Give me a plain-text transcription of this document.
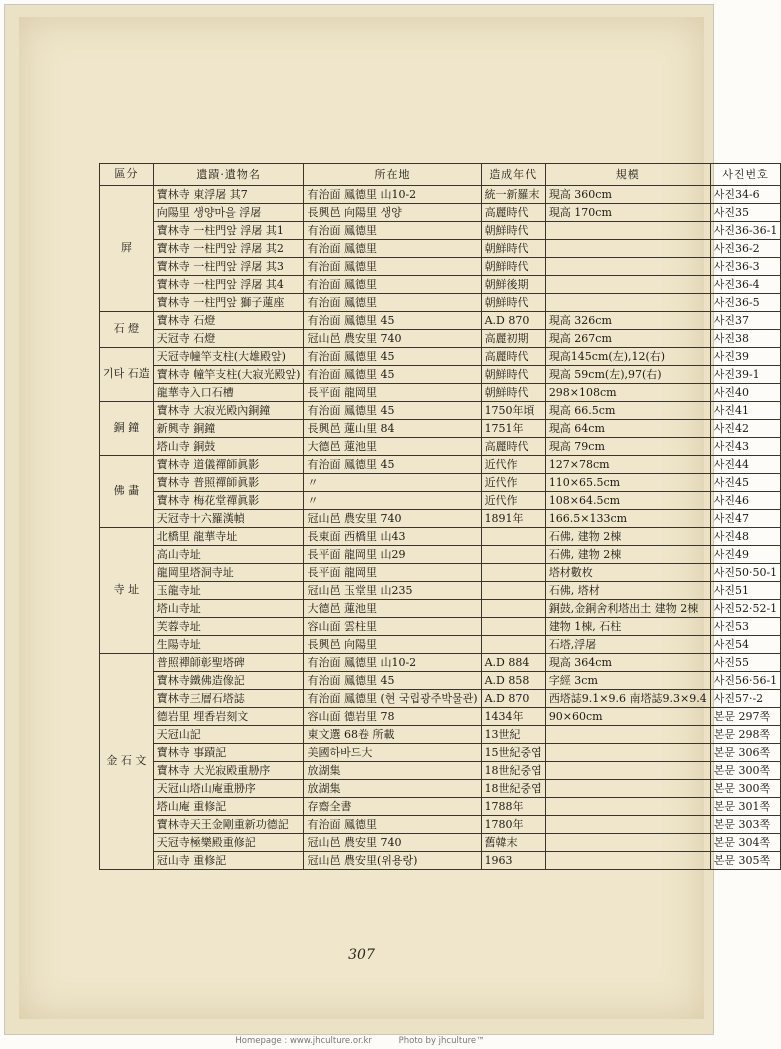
區分	遺蹟·遺物名	所在地	造成年代	規模	사진번호
屛	寶林寺 東浮屠 其7	有治面 鳳德里 山10-2	統一新羅末	現高 360cm	사진34-6
	向陽里 생양마을 浮屠	長興邑 向陽里 생양	高麗時代	現高 170cm	사진35
	寶林寺 一柱門앞 浮屠 其1	有治面 鳳德里	朝鮮時代		사진36-36-1
	寶林寺 一柱門앞 浮屠 其2	有治面 鳳德里	朝鮮時代		사진36-2
	寶林寺 一柱門앞 浮屠 其3	有治面 鳳德里	朝鮮時代		사진36-3
	寶林寺 一柱門앞 浮屠 其4	有治面 鳳德里	朝鮮後期		사진36-4
	寶林寺 一柱門앞 獅子蓮座	有治面 鳳德里	朝鮮時代		사진36-5
石 燈	寶林寺 石燈	有治面 鳳德里 45	A.D 870	現高 326cm	사진37
	天冠寺 石燈	冠山邑 農安里 740	高麗初期	現高 267cm	사진38
기타 石造	天冠寺幢竿支柱(大雄殿앞)	有治面 鳳德里 45	高麗時代	現高145cm(左),12(右)	사진39
	寶林寺 幢竿支柱(大寂光殿앞)	有治面 鳳德里 45	朝鮮時代	現高 59cm(左),97(右)	사진39-1
	龍華寺入口石槽	長平面 龍岡里	朝鮮時代	298×108cm	사진40
銅 鐘	寶林寺 大寂光殿內銅鐘	有治面 鳳德里 45	1750年頃	現高 66.5cm	사진41
	新興寺 銅鐘	長興邑 蓮山里 84	1751年	現高 64cm	사진42
	塔山寺 銅鼓	大德邑 蓮池里	高麗時代	現高 79cm	사진43
佛 畵	寶林寺 道儀禪師眞影	有治面 鳳德里 45	近代作	127×78cm	사진44
	寶林寺 普照禪師眞影	〃	近代作	110×65.5cm	사진45
	寶林寺 梅花堂禪眞影	〃	近代作	108×64.5cm	사진46
	天冠寺十六羅漢幀	冠山邑 農安里 740	1891年	166.5×133cm	사진47
寺 址	北橋里 龍華寺址	長東面 西橋里 山43		石佛, 建物 2棟	사진48
	高山寺址	長平面 龍岡里 山29		石佛, 建物 2棟	사진49
	龍岡里塔洞寺址	長平面 龍岡里		塔材數枚	사진50·50-1
	玉龍寺址	冠山邑 玉堂里 山235		石佛, 塔材	사진51
	塔山寺址	大德邑 蓮池里		銅鼓,金銅舍利塔出土 建物 2棟	사진52·52-1
	芙蓉寺址	容山面 雲柱里		建物 1棟, 石柱	사진53
	生陽寺址	長興邑 向陽里		石塔,浮屠	사진54
金 石 文	普照禪師彰聖塔碑	有治面 鳳德里 山10-2	A.D 884	現高 364cm	사진55
	寶林寺鐵佛造像記	有治面 鳳德里 45	A.D 858	字經 3cm	사진56·56-1
	寶林寺三層石塔誌	有治面 鳳德里 (현 국립광주박물관)	A.D 870	西塔誌9.1×9.6 南塔誌9.3×9.4	사진57·-2
	德岩里 埋香岩刻文	容山面 德岩里 78	1434年	90×60cm	본문 297쪽
	天冠山記	東文選 68卷 所載	13世紀		본문 298쪽
	寶林寺 事蹟記	美國하바드大	15世紀중엽		본문 306쪽
	寶林寺 大光寂殿重刱序	放湖集	18世紀중엽		본문 300쪽
	天冠山塔山庵重刱序	放湖集	18世紀중엽		본문 300쪽
	塔山庵 重修記	存齋全書	1788年		본문 301쪽
	寶林寺天王金剛重新功德記	有治面 鳳德里	1780年		본문 303쪽
	天冠寺極樂殿重修記	冠山邑 農安里 740	舊韓末		본문 304쪽
	冠山寺 重修記	冠山邑 農安里(위용랑)	1963		본문 305쪽
307
Homepage : www.jhculture.or.kr	Photo by jhculture™
